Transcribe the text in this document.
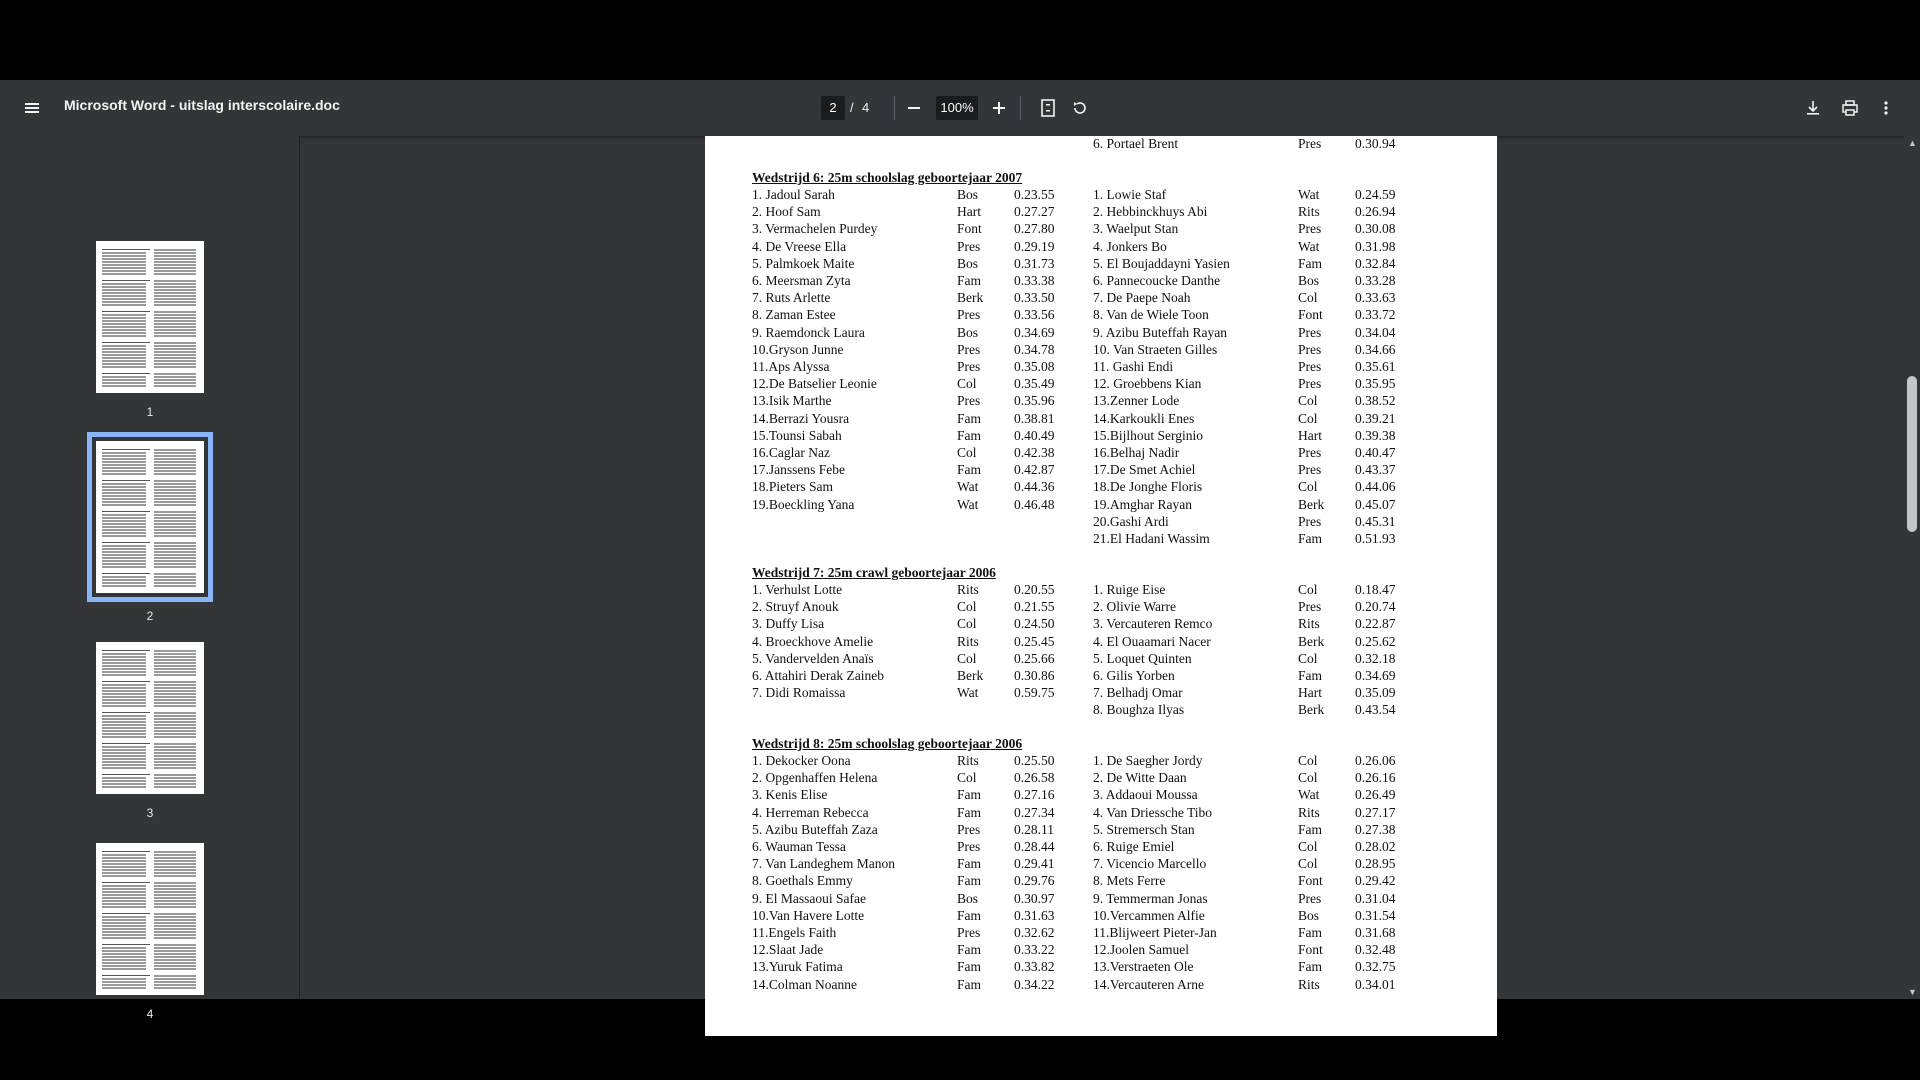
Microsoft Word - uitslag interscolaire.doc	2	/ 4	100%
1
2
3
4
6. Portael Brent	Pres	0.30.94
Wedstrijd 6: 25m schoolslag geboortejaar 2007
1. Jadoul Sarah	Bos	0.23.55
2. Hoof Sam	Hart 0.27.27
3. Vermachelen Purdey	Font 0.27.80
4. De Vreese Ella	Pres	0.29.19
5. Palmkoek Maite	Bos	0.31.73
6. Meersman Zyta	Fam 0.33.38
7. Ruts Arlette	Berk 0.33.50
8. Zaman Estee	Pres	0.33.56
9. Raemdonck Laura	Bos	0.34.69
10.Gryson Junne	Pres	0.34.78
11.Aps Alyssa	Pres	0.35.08
12.De Batselier Leonie	Col	0.35.49
13.Isik Marthe	Pres	0.35.96
14.Berrazi Yousra	Fam 0.38.81
15.Tounsi Sabah	Fam 0.40.49
16.Caglar Naz	Col	0.42.38
17.Janssens Febe	Fam 0.42.87
18.Pieters Sam	Wat	0.44.36
19.Boeckling Yana	Wat	0.46.48
1. Lowie Staf	Wat	0.24.59
2. Hebbinckhuys Abi	Rits	0.26.94
3. Waelput Stan	Pres	0.30.08
4. Jonkers Bo	Wat	0.31.98
5. El Boujaddayni Yasien	Fam 0.32.84
6. Pannecoucke Danthe	Bos	0.33.28
7. De Paepe Noah	Col	0.33.63
8. Van de Wiele Toon	Font 0.33.72
9. Azibu Buteffah Rayan	Pres	0.34.04
10. Van Straeten Gilles	Pres	0.34.66
11. Gashi Endi	Pres	0.35.61
12. Groebbens Kian	Pres	0.35.95
13.Zenner Lode	Col	0.38.52
14.Karkoukli Enes	Col	0.39.21
15.Bijlhout Serginio	Hart 0.39.38
16.Belhaj Nadir	Pres	0.40.47
17.De Smet Achiel	Pres	0.43.37
18.De Jonghe Floris	Col	0.44.06
19.Amghar Rayan	Berk 0.45.07
20.Gashi Ardi	Pres	0.45.31
21.El Hadani Wassim	Fam 0.51.93
Wedstrijd 7: 25m crawl geboortejaar 2006
1. Verhulst Lotte	Rits	0.20.55
2. Struyf Anouk	Col	0.21.55
3. Duffy Lisa	Col	0.24.50
4. Broeckhove Amelie	Rits	0.25.45
5. Vandervelden Anaïs	Col	0.25.66
6. Attahiri Derak Zaineb	Berk 0.30.86
7. Didi Romaissa	Wat	0.59.75
1. Ruige Eise	Col	0.18.47
2. Olivie Warre	Pres	0.20.74
3. Vercauteren Remco	Rits	0.22.87
4. El Ouaamari Nacer	Berk 0.25.62
5. Loquet Quinten	Col	0.32.18
6. Gilis Yorben	Fam 0.34.69
7. Belhadj Omar	Hart 0.35.09
8. Boughza Ilyas	Berk 0.43.54
Wedstrijd 8: 25m schoolslag geboortejaar 2006
1. Dekocker Oona	Rits	0.25.50
2. Opgenhaffen Helena	Col	0.26.58
3. Kenis Elise	Fam 0.27.16
4. Herreman Rebecca	Fam 0.27.34
5. Azibu Buteffah Zaza	Pres	0.28.11
6. Wauman Tessa	Pres	0.28.44
7. Van Landeghem Manon	Fam 0.29.41
8. Goethals Emmy	Fam 0.29.76
9. El Massaoui Safae	Bos	0.30.97
10.Van Havere Lotte	Fam 0.31.63
11.Engels Faith	Pres	0.32.62
12.Slaat Jade	Fam 0.33.22
13.Yuruk Fatima	Fam 0.33.82
14.Colman Noanne	Fam 0.34.22
1. De Saegher Jordy	Col	0.26.06
2. De Witte Daan	Col	0.26.16
3. Addaoui Moussa	Wat	0.26.49
4. Van Driessche Tibo	Rits	0.27.17
5. Stremersch Stan	Fam 0.27.38
6. Ruige Emiel	Col	0.28.02
7. Vicencio Marcello	Col	0.28.95
8. Mets Ferre	Font 0.29.42
9. Temmerman Jonas	Pres	0.31.04
10.Vercammen Alfie	Bos	0.31.54
11.Blijweert Pieter-Jan	Fam 0.31.68
12.Joolen Samuel	Font 0.32.48
13.Verstraeten Ole	Fam 0.32.75
14.Vercauteren Arne	Rits	0.34.01
▲
▼
